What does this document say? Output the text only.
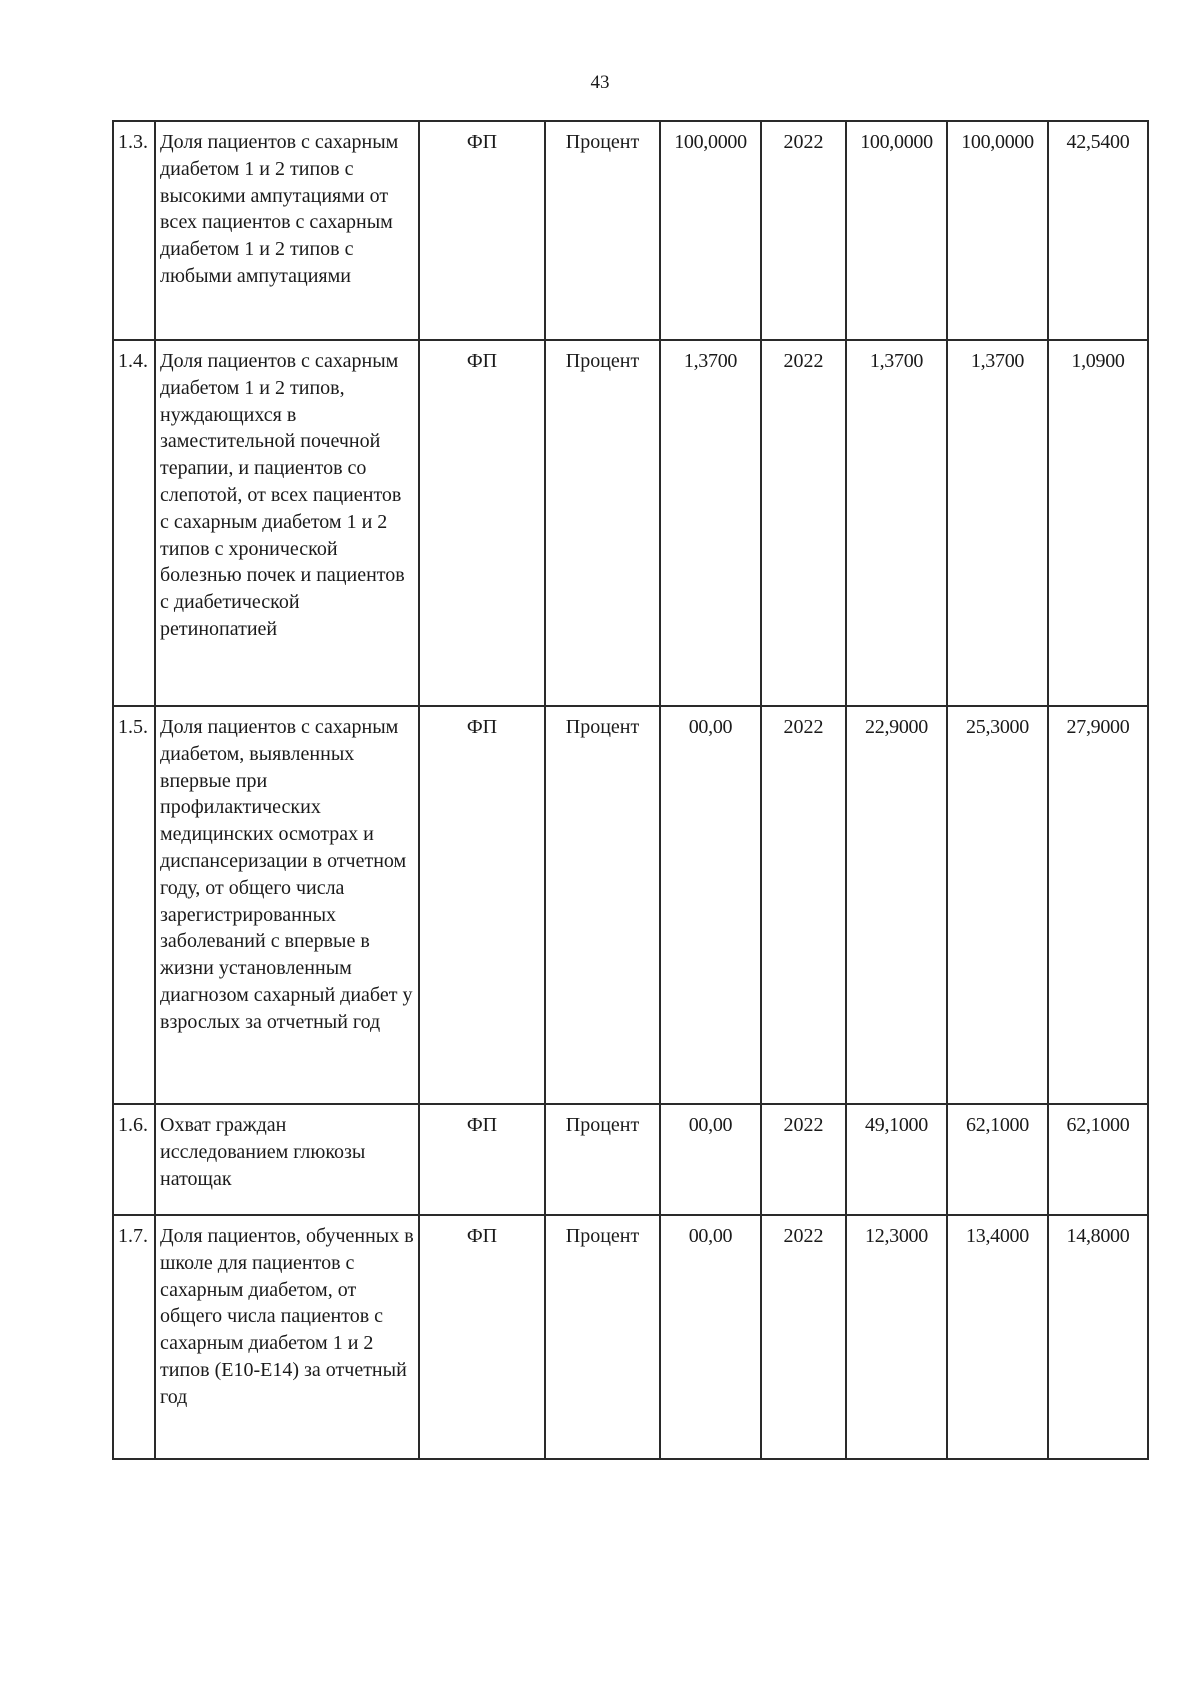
43
1.3.	Доля пациентов с сахарным диабетом 1 и 2 типов с высокими ампутациями от всех пациентов с сахарным диабетом 1 и 2 типов с любыми ампутациями	ФП	Процент	100,0000	2022	100,0000	100,0000	42,5400
1.4.	Доля пациентов с сахарным диабетом 1 и 2 типов, нуждающихся в заместительной почечной терапии, и пациентов со слепотой, от всех пациентов с сахарным диабетом 1 и 2 типов с хронической болезнью почек и пациентов с диабетической ретинопатией	ФП	Процент	1,3700	2022	1,3700	1,3700	1,0900
1.5.	Доля пациентов с сахарным диабетом, выявленных впервые при профилактических медицинских осмотрах и диспансеризации в отчетном году, от общего числа зарегистрированных заболеваний с впервые в жизни установленным диагнозом сахарный диабет у взрослых за отчетный год	ФП	Процент	00,00	2022	22,9000	25,3000	27,9000
1.6.	Охват граждан исследованием глюкозы натощак	ФП	Процент	00,00	2022	49,1000	62,1000	62,1000
1.7.	Доля пациентов, обученных в школе для пациентов с сахарным диабетом, от общего числа пациентов с сахарным диабетом 1 и 2 типов (Е10-Е14) за отчетный год	ФП	Процент	00,00	2022	12,3000	13,4000	14,8000
